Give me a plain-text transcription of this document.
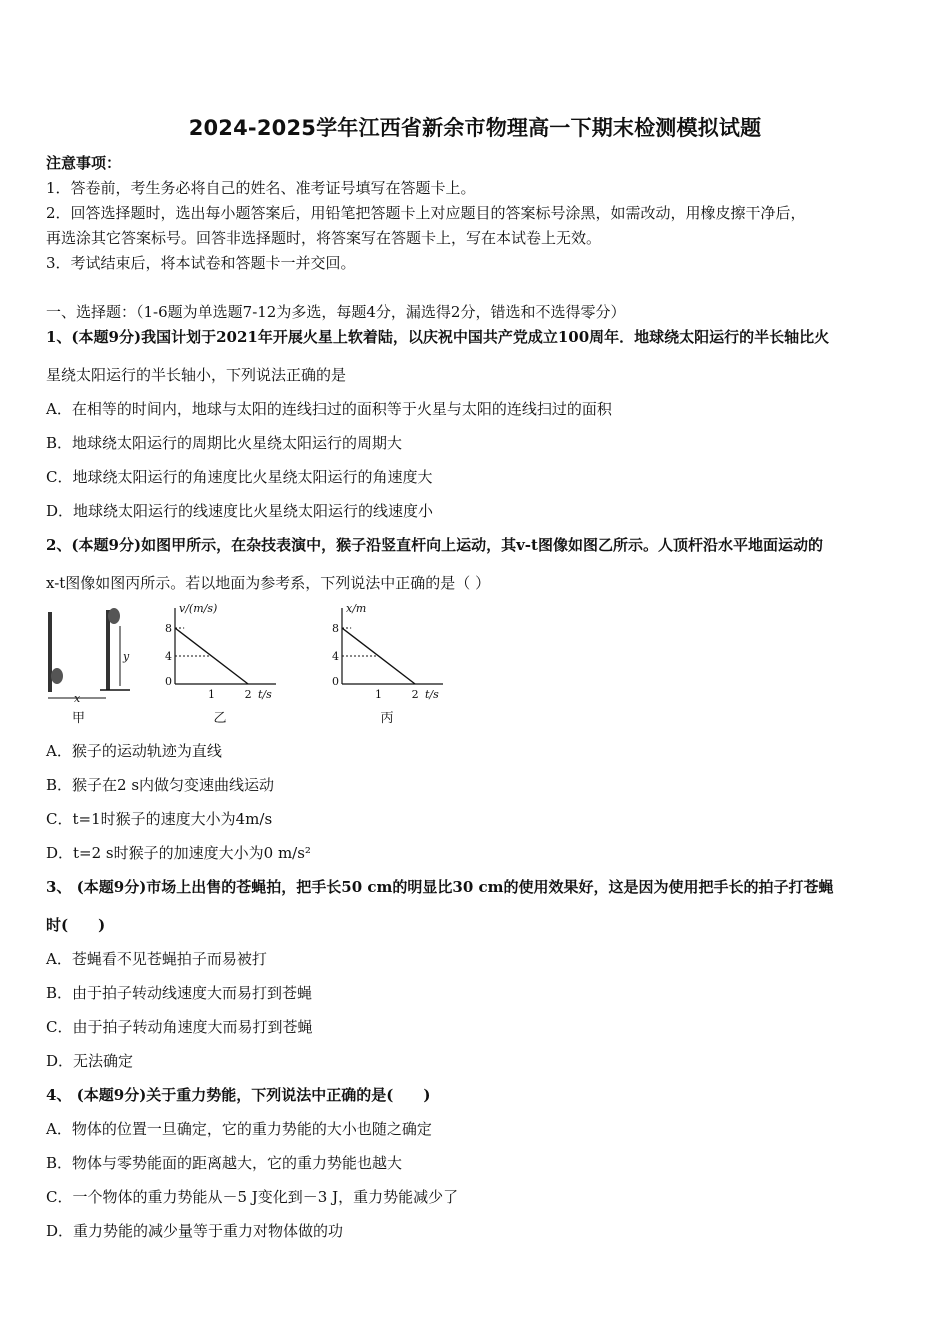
2024-2025学年江西省新余市物理高一下期末检测模拟试题
注意事项：
1．答卷前，考生务必将自己的姓名、准考证号填写在答题卡上。
2．回答选择题时，选出每小题答案后，用铅笔把答题卡上对应题目的答案标号涂黑，如需改动，用橡皮擦干净后，
再选涂其它答案标号。回答非选择题时，将答案写在答题卡上，写在本试卷上无效。
3．考试结束后，将本试卷和答题卡一并交回。
一、选择题：（1-6题为单选题7-12为多选，每题4分，漏选得2分，错选和不选得零分）
1、(本题9分)我国计划于2021年开展火星上软着陆，以庆祝中国共产党成立100周年．地球绕太阳运行的半长轴比火
星绕太阳运行的半长轴小，下列说法正确的是
A．在相等的时间内，地球与太阳的连线扫过的面积等于火星与太阳的连线扫过的面积
B．地球绕太阳运行的周期比火星绕太阳运行的周期大
C．地球绕太阳运行的角速度比火星绕太阳运行的角速度大
D．地球绕太阳运行的线速度比火星绕太阳运行的线速度小
2、(本题9分)如图甲所示，在杂技表演中，猴子沿竖直杆向上运动，其v-t图像如图乙所示。人顶杆沿水平地面运动的
x-t图像如图丙所示。若以地面为参考系，下列说法中正确的是（ ）
y
x
甲
v/(m/s)
t/s
8
4
0
1	2
乙
x/m
t/s
8
4
0
1	2
丙
A．猴子的运动轨迹为直线
B．猴子在2 s内做匀变速曲线运动
C．t=1时猴子的速度大小为4m/s
D．t=2 s时猴子的加速度大小为0 m/s²
3、 (本题9分)市场上出售的苍蝇拍，把手长50 cm的明显比30 cm的使用效果好，这是因为使用把手长的拍子打苍蝇
时(　　)
A．苍蝇看不见苍蝇拍子而易被打
B．由于拍子转动线速度大而易打到苍蝇
C．由于拍子转动角速度大而易打到苍蝇
D．无法确定
4、 (本题9分)关于重力势能，下列说法中正确的是(　　)
A．物体的位置一旦确定，它的重力势能的大小也随之确定
B．物体与零势能面的距离越大，它的重力势能也越大
C．一个物体的重力势能从－5 J变化到－3 J，重力势能减少了
D．重力势能的减少量等于重力对物体做的功
